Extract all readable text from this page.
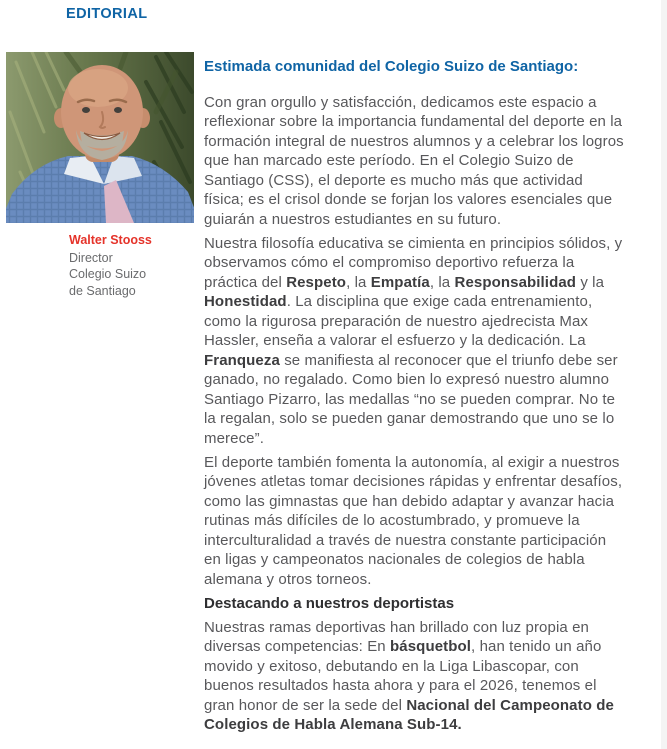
EDITORIAL
Walter Stooss
Director
Colegio Suizo
de Santiago
Estimada comunidad del Colegio Suizo de Santiago:

Con gran orgullo y satisfacción, dedicamos este espacio a reflexionar sobre la importancia fundamental del deporte en la formación integral de nuestros alumnos y a celebrar los logros que han marcado este período. En el Colegio Suizo de Santiago (CSS), el deporte es mucho más que actividad física; es el crisol donde se forjan los valores esenciales que guiarán a nuestros estudiantes en su futuro.

Nuestra filosofía educativa se cimienta en principios sólidos, y observamos cómo el compromiso deportivo refuerza la práctica del Respeto, la Empatía, la Responsabilidad y la Honestidad. La disciplina que exige cada entrenamiento, como la rigurosa preparación de nuestro ajedrecista Max Hassler, enseña a valorar el esfuerzo y la dedicación. La Franqueza se manifiesta al reconocer que el triunfo debe ser ganado, no regalado. Como bien lo expresó nuestro alumno Santiago Pizarro, las medallas “no se pueden comprar. No te la regalan, solo se pueden ganar demostrando que uno se lo merece”.

El deporte también fomenta la autonomía, al exigir a nuestros jóvenes atletas tomar decisiones rápidas y enfrentar desafíos, como las gimnastas que han debido adaptar y avanzar hacia rutinas más difíciles de lo acostumbrado, y promueve la interculturalidad a través de nuestra constante participación en ligas y campeonatos nacionales de colegios de habla alemana y otros torneos.

Destacando a nuestros deportistas

Nuestras ramas deportivas han brillado con luz propia en diversas competencias: En básquetbol, han tenido un año movido y exitoso, debutando en la Liga Libascopar, con buenos resultados hasta ahora y para el 2026, tenemos el gran honor de ser la sede del Nacional del Campeonato de Colegios de Habla Alemana Sub-14.
